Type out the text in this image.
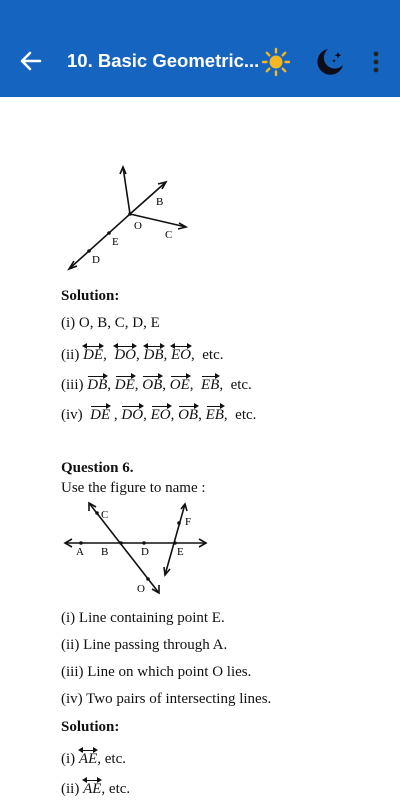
10. Basic Geometric...
O
B
C
E
D
Solution:
(i) O, B, C, D, E
(ii) DE,
DO,
DB,
EO,  etc.
(iii) DB, DE, OB, OE,  EB,  etc.
(iv) DE , DO, EO, OB, EB,  etc.
Question 6.
Use the figure to name :
A B
C
D	E
F
O
(i) Line containing point E.
(ii) Line passing through A.
(iii) Line on which point O lies.
(iv) Two pairs of intersecting lines.
Solution:
(i) AE, etc.
(ii) AE, etc.
